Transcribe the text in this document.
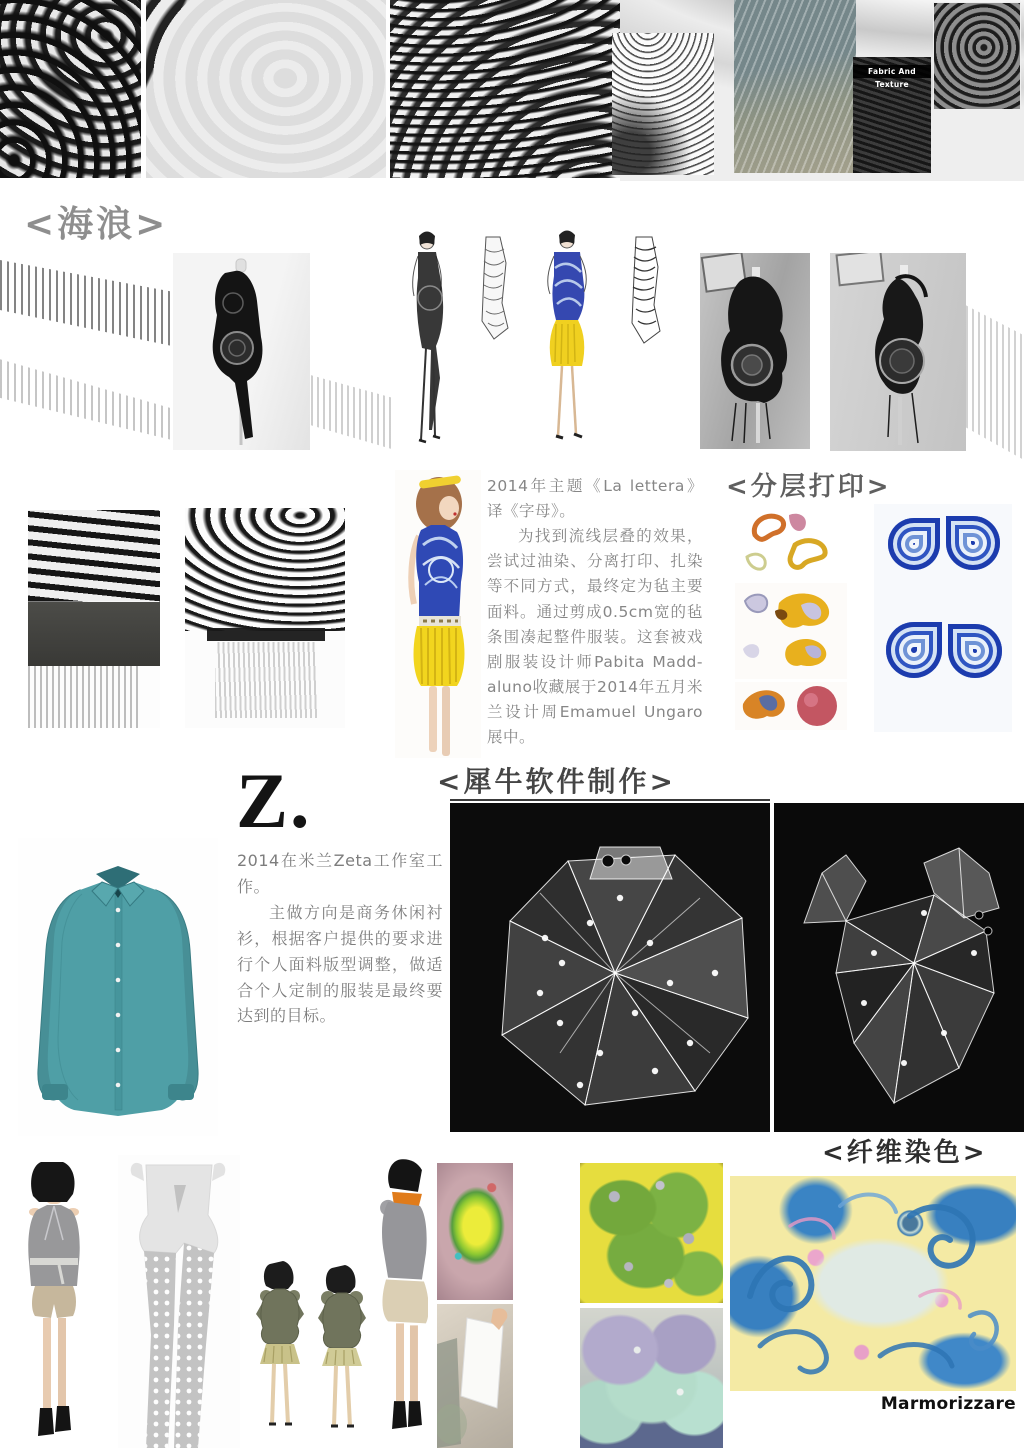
Fabric And Texture
<海浪>

2014年主题《La lettera》译《字母》。

为找到流线层叠的效果，尝试过油染、分离打印、扎染等不同方式，最终定为毡主要面料。通过剪成0.5cm宽的毡条围凑起整件服装。这套被戏剧服装设计师Pabita Madd-aluno收藏展于2014年五月米兰设计周Emamuel Ungaro展中。

<分层打印>
Z.

2014在米兰Zeta工作室工作。

主做方向是商务休闲衬衫，根据客户提供的要求进行个人面料版型调整，做适合个人定制的服装是最终要达到的目标。

<犀牛软件制作>
<纤维染色>
Marmorizzare
